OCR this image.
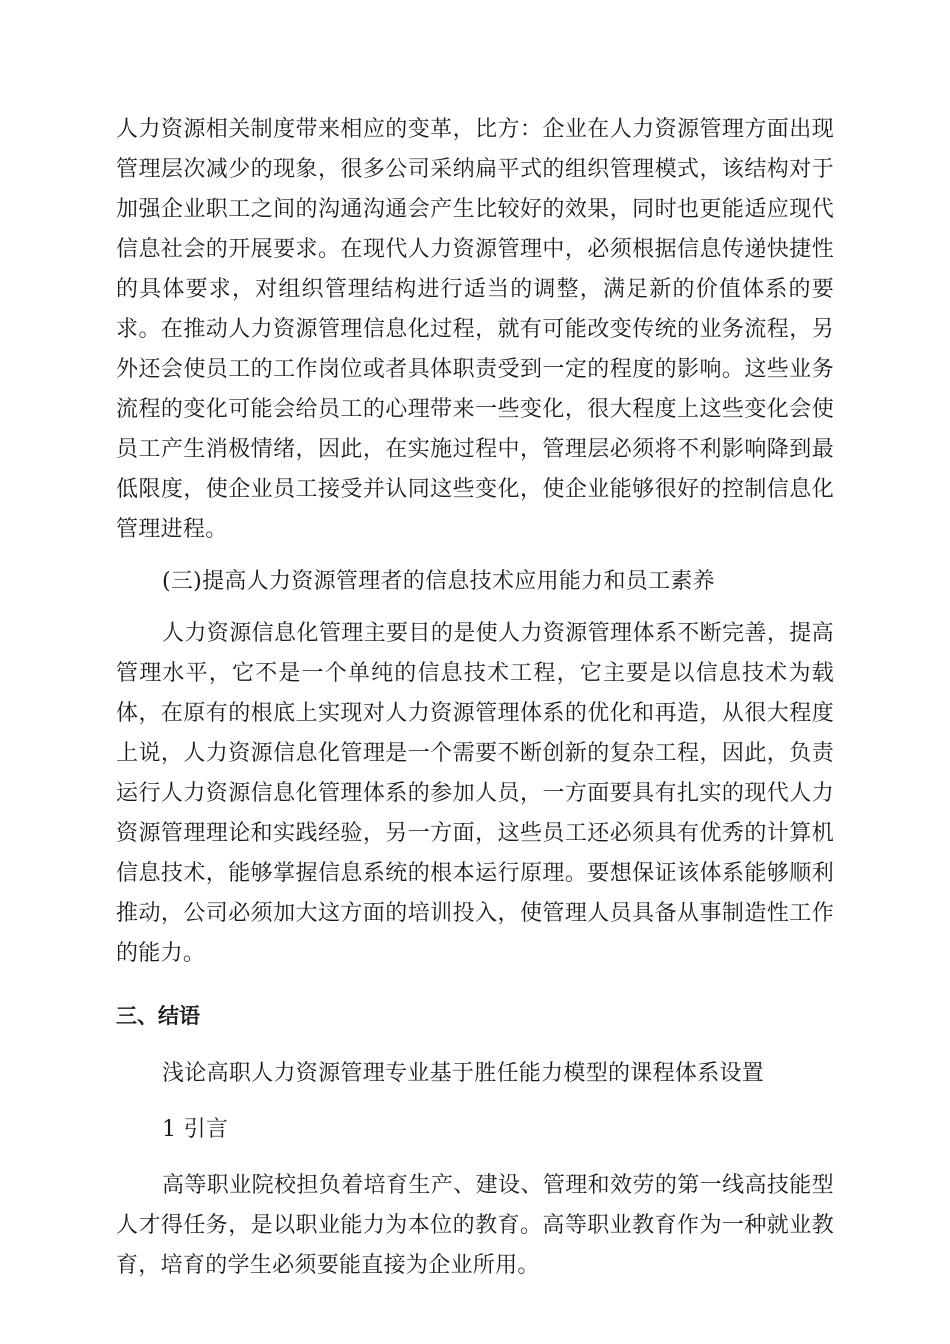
人力资源相关制度带来相应的变革，比方：企业在人力资源管理方面出现管理层次减少的现象，很多公司采纳扁平式的组织管理模式，该结构对于加强企业职工之间的沟通沟通会产生比较好的效果，同时也更能适应现代信息社会的开展要求。在现代人力资源管理中，必须根据信息传递快捷性的具体要求，对组织管理结构进行适当的调整，满足新的价值体系的要求。在推动人力资源管理信息化过程，就有可能改变传统的业务流程，另外还会使员工的工作岗位或者具体职责受到一定的程度的影响。这些业务流程的变化可能会给员工的心理带来一些变化，很大程度上这些变化会使员工产生消极情绪，因此，在实施过程中，管理层必须将不利影响降到最低限度，使企业员工接受并认同这些变化，使企业能够很好的控制信息化管理进程。

(三)提高人力资源管理者的信息技术应用能力和员工素养

人力资源信息化管理主要目的是使人力资源管理体系不断完善，提高管理水平，它不是一个单纯的信息技术工程，它主要是以信息技术为载体，在原有的根底上实现对人力资源管理体系的优化和再造，从很大程度上说，人力资源信息化管理是一个需要不断创新的复杂工程，因此，负责运行人力资源信息化管理体系的参加人员，一方面要具有扎实的现代人力资源管理理论和实践经验，另一方面，这些员工还必须具有优秀的计算机信息技术，能够掌握信息系统的根本运行原理。要想保证该体系能够顺利推动，公司必须加大这方面的培训投入，使管理人员具备从事制造性工作的能力。

三、结语

浅论高职人力资源管理专业基于胜任能力模型的课程体系设置

1 引言

高等职业院校担负着培育生产、建设、管理和效劳的第一线高技能型人才得任务，是以职业能力为本位的教育。高等职业教育作为一种就业教育，培育的学生必须要能直接为企业所用。
